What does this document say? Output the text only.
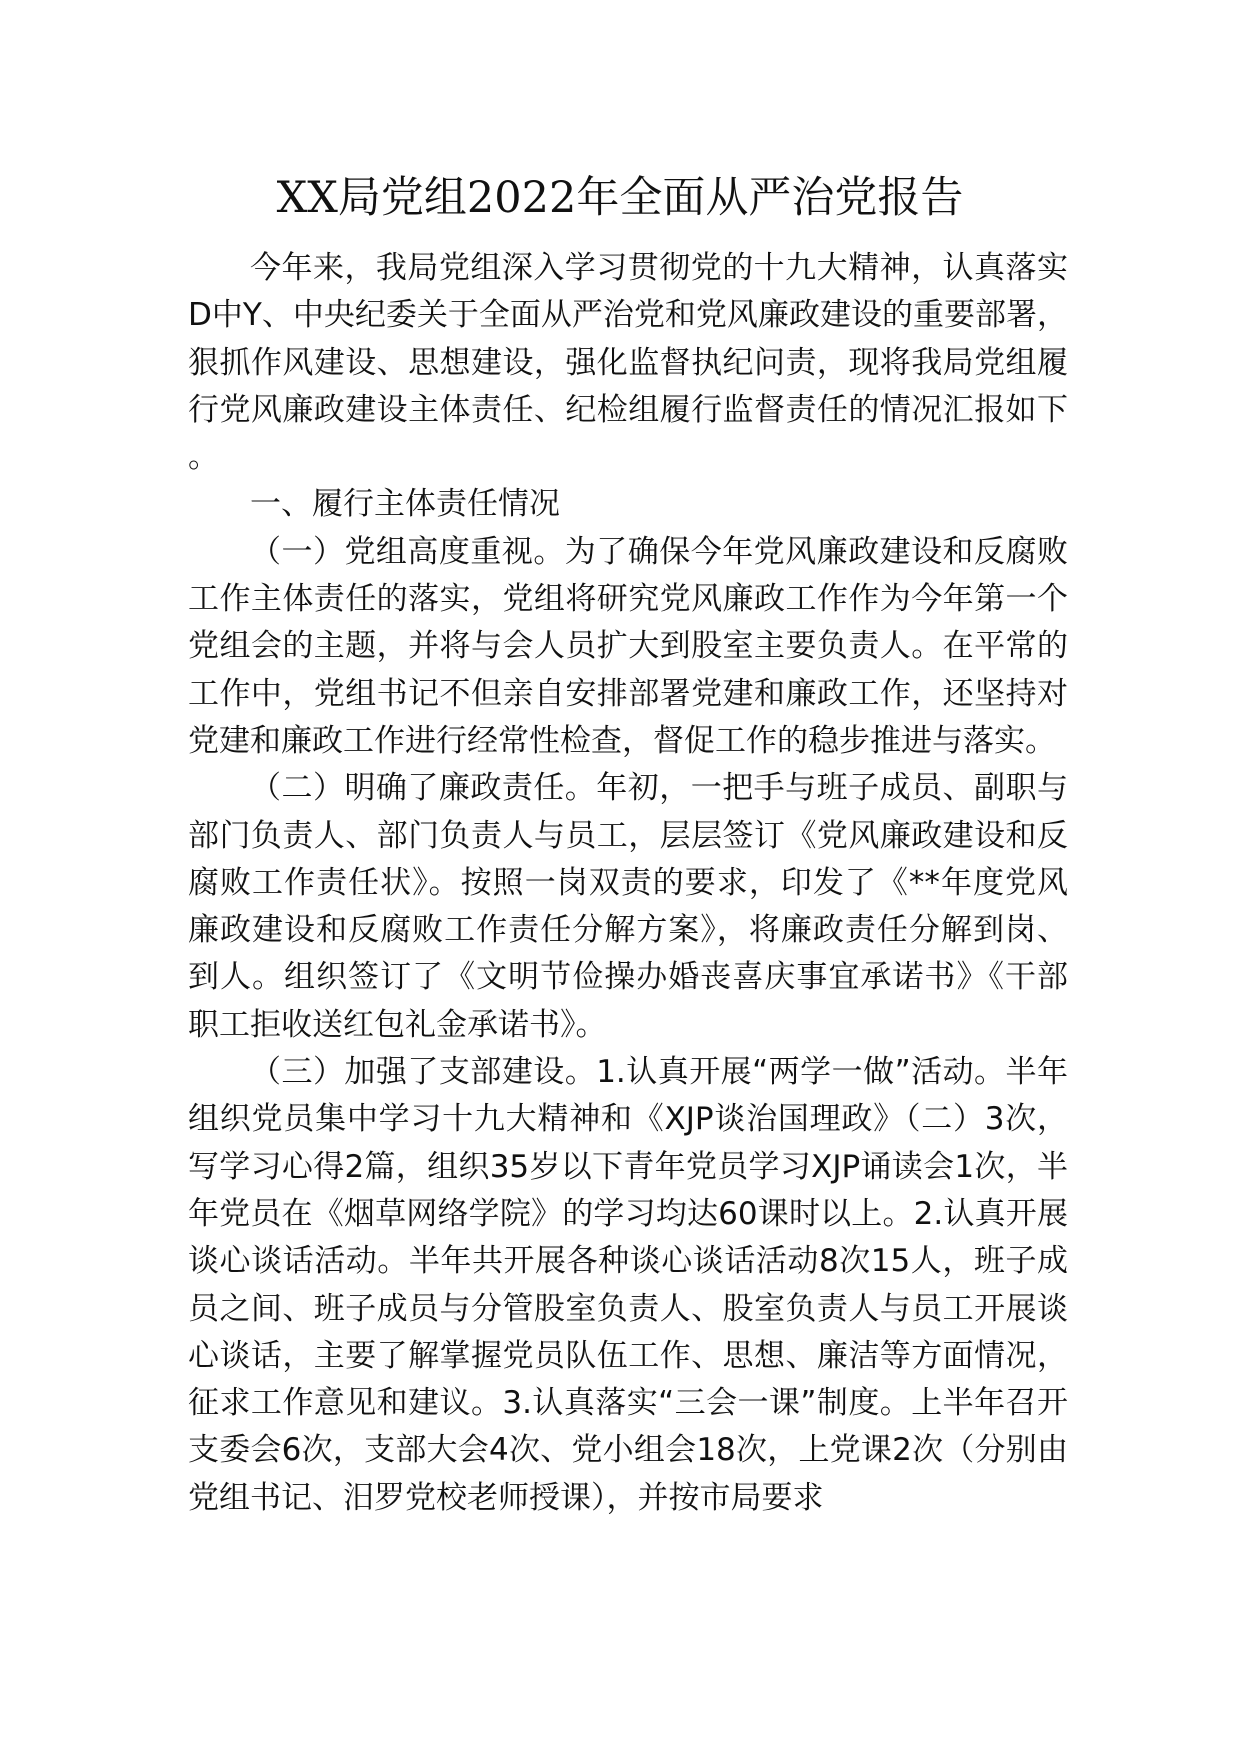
XX局党组2022年全面从严治党报告

今年来，我局党组深入学习贯彻党的十九大精神，认真落实D中Y、中央纪委关于全面从严治党和党风廉政建设的重要部署，狠抓作风建设、思想建设，强化监督执纪问责，现将我局党组履行党风廉政建设主体责任、纪检组履行监督责任的情况汇报如下。

一、履行主体责任情况

（一）党组高度重视。为了确保今年党风廉政建设和反腐败工作主体责任的落实，党组将研究党风廉政工作作为今年第一个党组会的主题，并将与会人员扩大到股室主要负责人。在平常的工作中，党组书记不但亲自安排部署党建和廉政工作，还坚持对党建和廉政工作进行经常性检查，督促工作的稳步推进与落实。

（二）明确了廉政责任。年初，一把手与班子成员、副职与部门负责人、部门负责人与员工，层层签订《党风廉政建设和反腐败工作责任状》。按照一岗双责的要求，印发了《**年度党风廉政建设和反腐败工作责任分解方案》，将廉政责任分解到岗、到人。组织签订了《文明节俭操办婚丧喜庆事宜承诺书》《干部职工拒收送红包礼金承诺书》。

（三）加强了支部建设。1.认真开展“两学一做”活动。半年组织党员集中学习十九大精神和《XJP谈治国理政》（二）3次，写学习心得2篇，组织35岁以下青年党员学习XJP诵读会1次，半年党员在《烟草网络学院》的学习均达60课时以上。2.认真开展谈心谈话活动。半年共开展各种谈心谈话活动8次15人，班子成员之间、班子成员与分管股室负责人、股室负责人与员工开展谈心谈话，主要了解掌握党员队伍工作、思想、廉洁等方面情况，征求工作意见和建议。3.认真落实“三会一课”制度。上半年召开支委会6次，支部大会4次、党小组会18次，上党课2次（分别由党组书记、汨罗党校老师授课），并按市局要求
